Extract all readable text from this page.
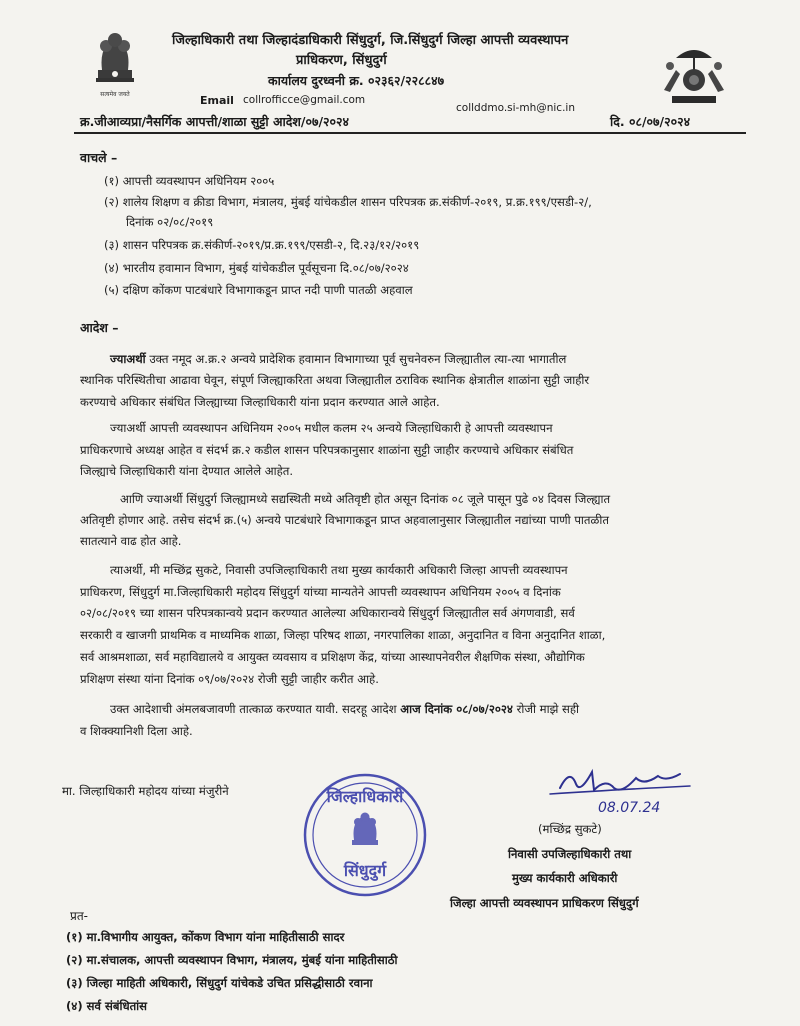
सत्यमेव जयते
जिल्हाधिकारी तथा जिल्हादंडाधिकारी सिंधुदुर्ग, जि.सिंधुदुर्ग जिल्हा आपत्ती व्यवस्थापन
प्राधिकरण, सिंधुदुर्ग
कार्यालय दुरध्वनी क्र. ०२३६२/२२८८४७
Email collrofficce@gmail.com
collddmo.si-mh@nic.in
क्र.जीआव्यप्रा/नैसर्गिक आपत्ती/शाळा सुट्टी आदेश/०७/२०२४	दि. ०८/०७/२०२४
वाचले –
(१) आपत्ती व्यवस्थापन अधिनियम २००५
(२) शालेय शिक्षण व क्रीडा विभाग, मंत्रालय, मुंबई यांचेकडील शासन परिपत्रक क्र.संकीर्ण-२०१९, प्र.क्र.१९९/एसडी-२/,
दिनांक ०२/०८/२०१९
(३) शासन परिपत्रक क्र.संकीर्ण-२०१९/प्र.क्र.१९९/एसडी-२, दि.२३/१२/२०१९
(४) भारतीय हवामान विभाग, मुंबई यांचेकडील पूर्वसूचना दि.०८/०७/२०२४
(५) दक्षिण कोंकण पाटबंधारे विभागाकडून प्राप्त नदी पाणी पातळी अहवाल
आदेश –
ज्याअर्थी उक्त नमूद अ.क्र.२ अन्वये प्रादेशिक हवामान विभागाच्या पूर्व सुचनेवरुन जिल्ह्यातील त्या-त्या भागातील
स्थानिक परिस्थितीचा आढावा घेवून, संपूर्ण जिल्ह्याकरिता अथवा जिल्ह्यातील ठराविक स्थानिक क्षेत्रातील शाळांना सुट्टी जाहीर
करण्याचे अधिकार संबंधित जिल्ह्याच्या जिल्हाधिकारी यांना प्रदान करण्यात आले आहेत.
ज्याअर्थी आपत्ती व्यवस्थापन अधिनियम २००५ मधील कलम २५ अन्वये जिल्हाधिकारी हे आपत्ती व्यवस्थापन
प्राधिकरणाचे अध्यक्ष आहेत व संदर्भ क्र.२ कडील शासन परिपत्रकानुसार शाळांना सुट्टी जाहीर करण्याचे अधिकार संबंधित
जिल्ह्याचे जिल्हाधिकारी यांना देण्यात आलेले आहेत.
आणि ज्याअर्थी सिंधुदुर्ग जिल्ह्यामध्ये सद्यस्थिती मध्ये अतिवृष्टी होत असून दिनांक ०८ जूले पासून पुढे ०४ दिवस जिल्ह्यात
अतिवृष्टी होणार आहे. तसेच संदर्भ क्र.(५) अन्वये पाटबंधारे विभागाकडून प्राप्त अहवालानुसार जिल्ह्यातील नद्यांच्या पाणी पातळीत
सातत्याने वाढ होत आहे.
त्याअर्थी, मी मच्छिंद्र सुकटे, निवासी उपजिल्हाधिकारी तथा मुख्य कार्यकारी अधिकारी जिल्हा आपत्ती व्यवस्थापन
प्राधिकरण, सिंधुदुर्ग मा.जिल्हाधिकारी महोदय सिंधुदुर्ग यांच्या मान्यतेने आपत्ती व्यवस्थापन अधिनियम २००५ व दिनांक
०२/०८/२०१९ च्या शासन परिपत्रकान्वये प्रदान करण्यात आलेल्या अधिकारान्वये सिंधुदुर्ग जिल्ह्यातील सर्व अंगणवाडी, सर्व
सरकारी व खाजगी प्राथमिक व माध्यमिक शाळा, जिल्हा परिषद शाळा, नगरपालिका शाळा, अनुदानित व विना अनुदानित शाळा,
सर्व आश्रमशाळा, सर्व महाविद्यालये व आयुक्त व्यवसाय व प्रशिक्षण केंद्र, यांच्या आस्थापनेवरील शैक्षणिक संस्था, औद्योगिक
प्रशिक्षण संस्था यांना दिनांक ०९/०७/२०२४ रोजी सुट्टी जाहीर करीत आहे.
उक्त आदेशाची अंमलबजावणी तात्काळ करण्यात यावी. सदरहू आदेश आज दिनांक ०८/०७/२०२४ रोजी माझे सही
व शिक्क्यानिशी दिला आहे.
मा. जिल्हाधिकारी महोदय यांच्या मंजुरीने	जिल्हाधिकारी
सिंधुदुर्ग
08.07.24
(मच्छिंद्र सुकटे)
निवासी उपजिल्हाधिकारी तथा
मुख्य कार्यकारी अधिकारी
जिल्हा आपत्ती व्यवस्थापन प्राधिकरण सिंधुदुर्ग
प्रत-
(१) मा.विभागीय आयुक्त, कोंकण विभाग यांना माहितीसाठी सादर
(२) मा.संचालक, आपत्ती व्यवस्थापन विभाग, मंत्रालय, मुंबई यांना माहितीसाठी
(३) जिल्हा माहिती अधिकारी, सिंधुदुर्ग यांचेकडे उचित प्रसिद्धीसाठी रवाना
(४) सर्व संबंधितांस
